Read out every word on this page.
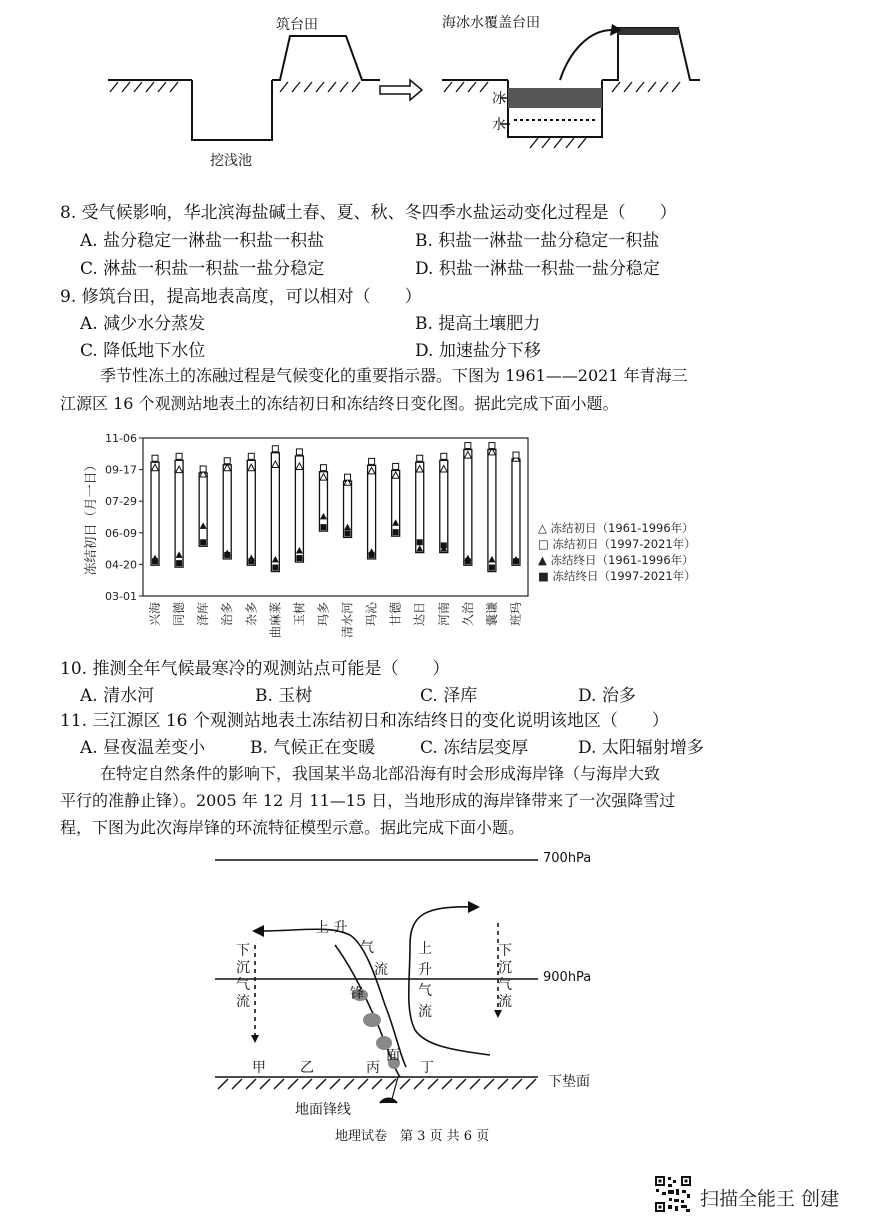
筑台田
挖浅池
海冰水覆盖台田
冰
水
8. 受气候影响，华北滨海盐碱土春、夏、秋、冬四季水盐运动变化过程是（　　）
A. 盐分稳定一淋盐一积盐一积盐	B. 积盐一淋盐一盐分稳定一积盐
C. 淋盐一积盐一积盐一盐分稳定	D. 积盐一淋盐一积盐一盐分稳定
9. 修筑台田，提高地表高度，可以相对（　　）
A. 减少水分蒸发	B. 提高土壤肥力
C. 降低地下水位	D. 加速盐分下移
季节性冻土的冻融过程是气候变化的重要指示器。下图为 1961——2021 年青海三
江源区 16 个观测站地表土的冻结初日和冻结终日变化图。据此完成下面小题。
11-06
09-17
07-29
06-09
04-20
03-01
冻结初日（月一日）
兴海 同德 泽库 治多 杂多 曲麻莱 玉树 玛多 清水河 玛沁 甘德 达日 河南 久治 囊谦 班玛
△ 冻结初日（1961-1996年）
□ 冻结初日（1997-2021年）
▲ 冻结终日（1961-1996年）
■ 冻结终日（1997-2021年）
10. 推测全年气候最寒冷的观测站点可能是（　　）
A. 清水河	B. 玉树	C. 泽库	D. 治多
11. 三江源区 16 个观测站地表土冻结初日和冻结终日的变化说明该地区（　　）
A. 昼夜温差变小	B. 气候正在变暖	C. 冻结层变厚	D. 太阳辐射增多
在特定自然条件的影响下，我国某半岛北部沿海有时会形成海岸锋（与海岸大致
平行的准静止锋）。2005 年 12 月 11—15 日，当地形成的海岸锋带来了一次强降雪过
程，下图为此次海岸锋的环流特征模型示意。据此完成下面小题。
700hPa
900hPa
下垫面
上 升
气
流
锋
面
下沉气流
上升气流
下沉气流
甲 乙	丙	丁
地面锋线
地理试卷　第 3 页 共 6 页
扫描全能王 创建
